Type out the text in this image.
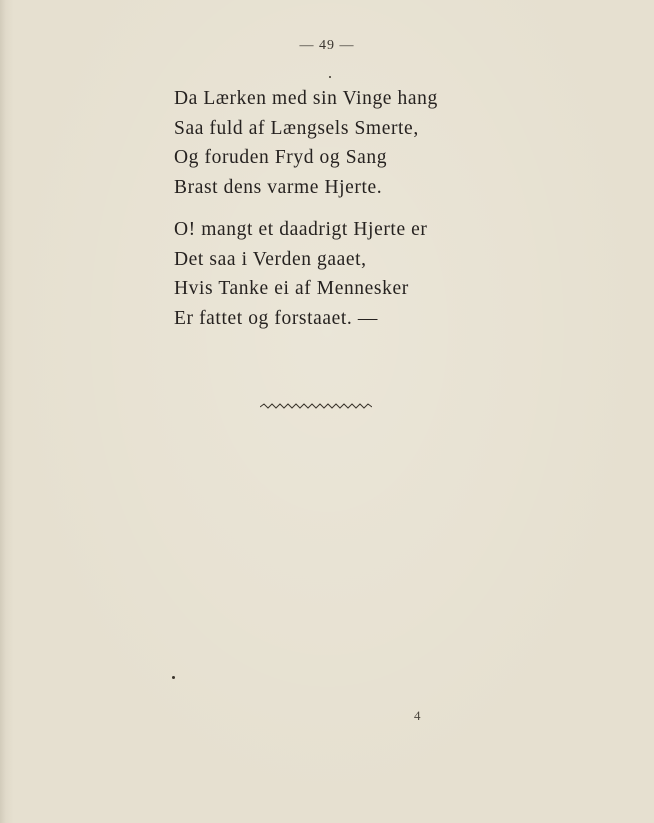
— 49 —
Da Lærken med sin Vinge hang
Saa fuld af Længsels Smerte,
Og foruden Fryd og Sang
Brast dens varme Hjerte.
O! mangt et daadrigt Hjerte er
Det saa i Verden gaaet,
Hvis Tanke ei af Mennesker
Er fattet og forstaaet. —
4
